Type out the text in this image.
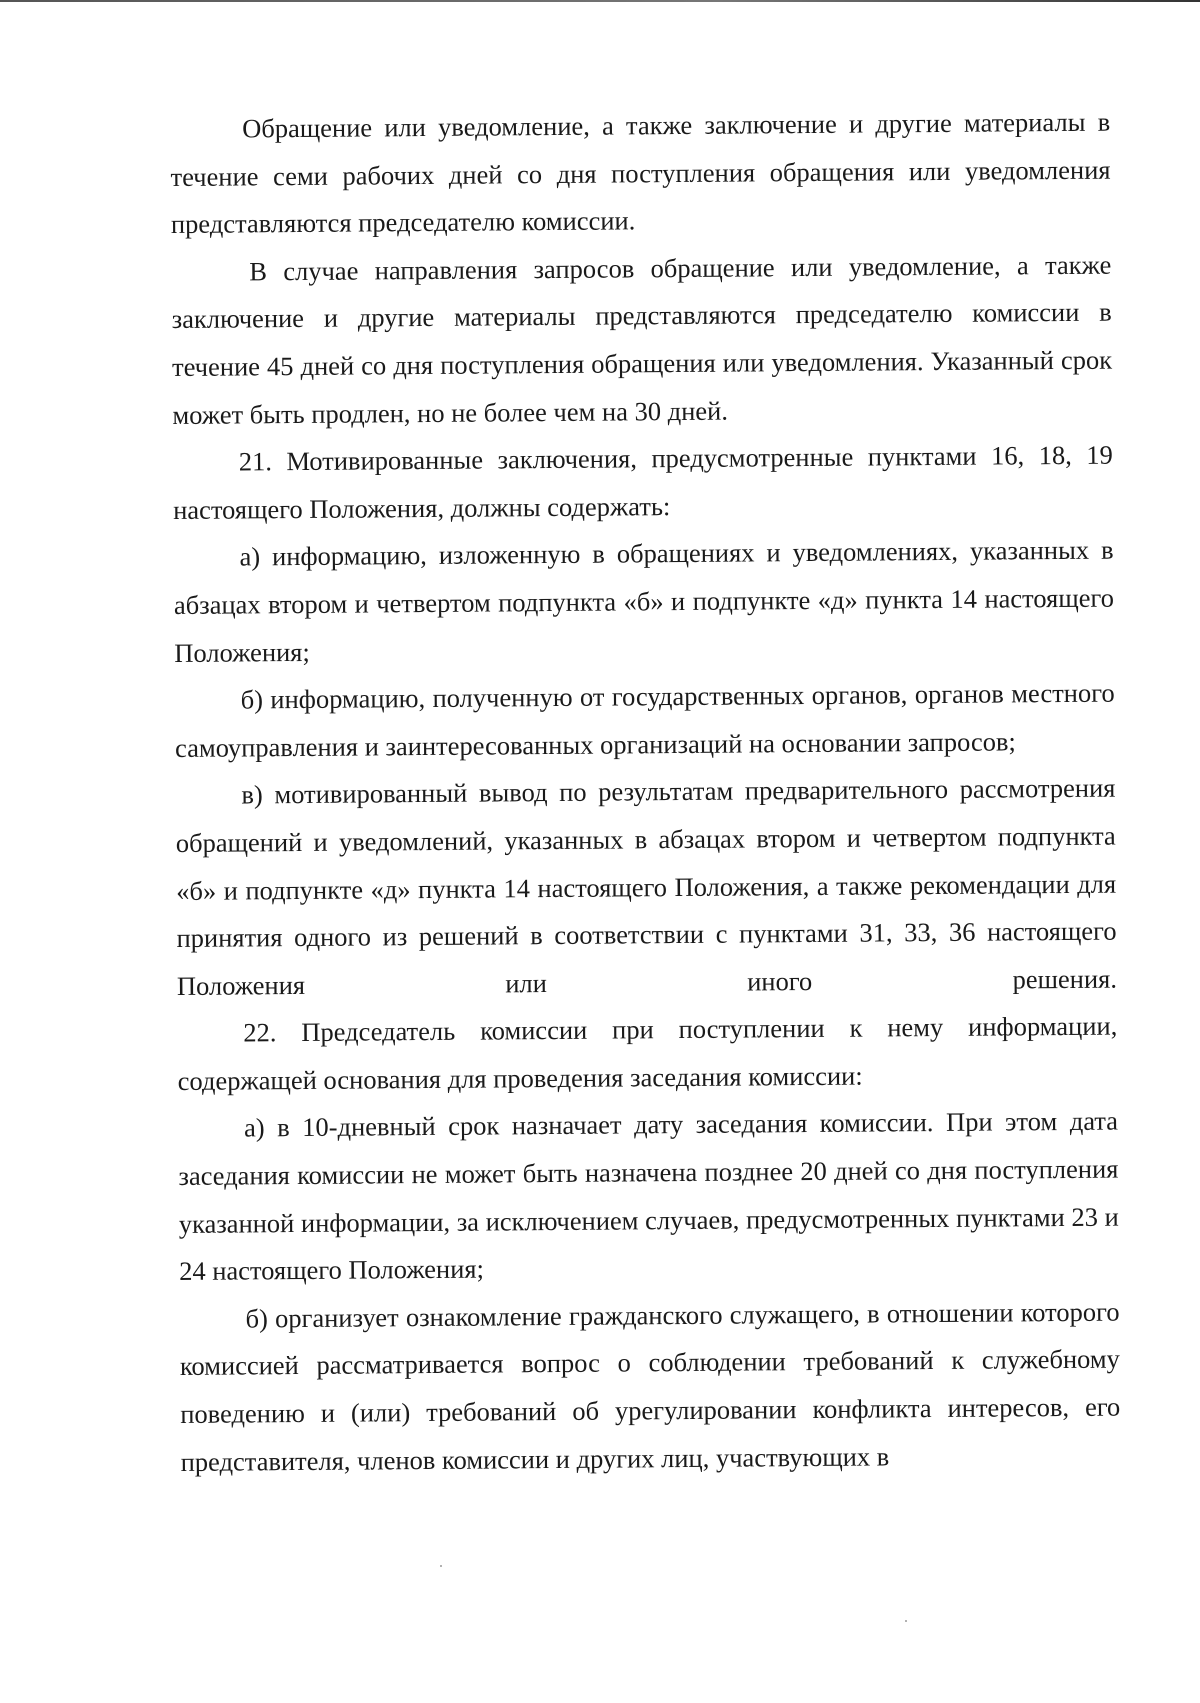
Обращение или уведомление, а также заключение и другие материалы в течение семи рабочих дней со дня поступления обращения или уведомления представляются председателю комиссии.

В случае направления запросов обращение или уведомление, а также заключение и другие материалы представляются председателю комиссии в течение 45 дней со дня поступления обращения или уведомления. Указанный срок может быть продлен, но не более чем на 30 дней.

21. Мотивированные заключения, предусмотренные пунктами 16, 18, 19 настоящего Положения, должны содержать:

а) информацию, изложенную в обращениях и уведомлениях, указанных в абзацах втором и четвертом подпункта «б» и подпункте «д» пункта 14 настоящего Положения;

б) информацию, полученную от государственных органов, органов местного самоуправления и заинтересованных организаций на основании запросов;

в) мотивированный вывод по результатам предварительного рассмотрения обращений и уведомлений, указанных в абзацах втором и четвертом подпункта «б» и подпункте «д» пункта 14 настоящего Положения, а также рекомендации для принятия одного из решений в соответствии с пунктами 31, 33, 36 настоящего Положения или иного решения.

22. Председатель комиссии при поступлении к нему информации, содержащей основания для проведения заседания комиссии:

а) в 10-дневный срок назначает дату заседания комиссии. При этом дата заседания комиссии не может быть назначена позднее 20 дней со дня поступления указанной информации, за исключением случаев, предусмотренных пунктами 23 и 24 настоящего Положения;

б) организует ознакомление гражданского служащего, в отношении которого комиссией рассматривается вопрос о соблюдении требований к служебному поведению и (или) требований об урегулировании конфликта интересов, его представителя, членов комиссии и других лиц, участвующих в
